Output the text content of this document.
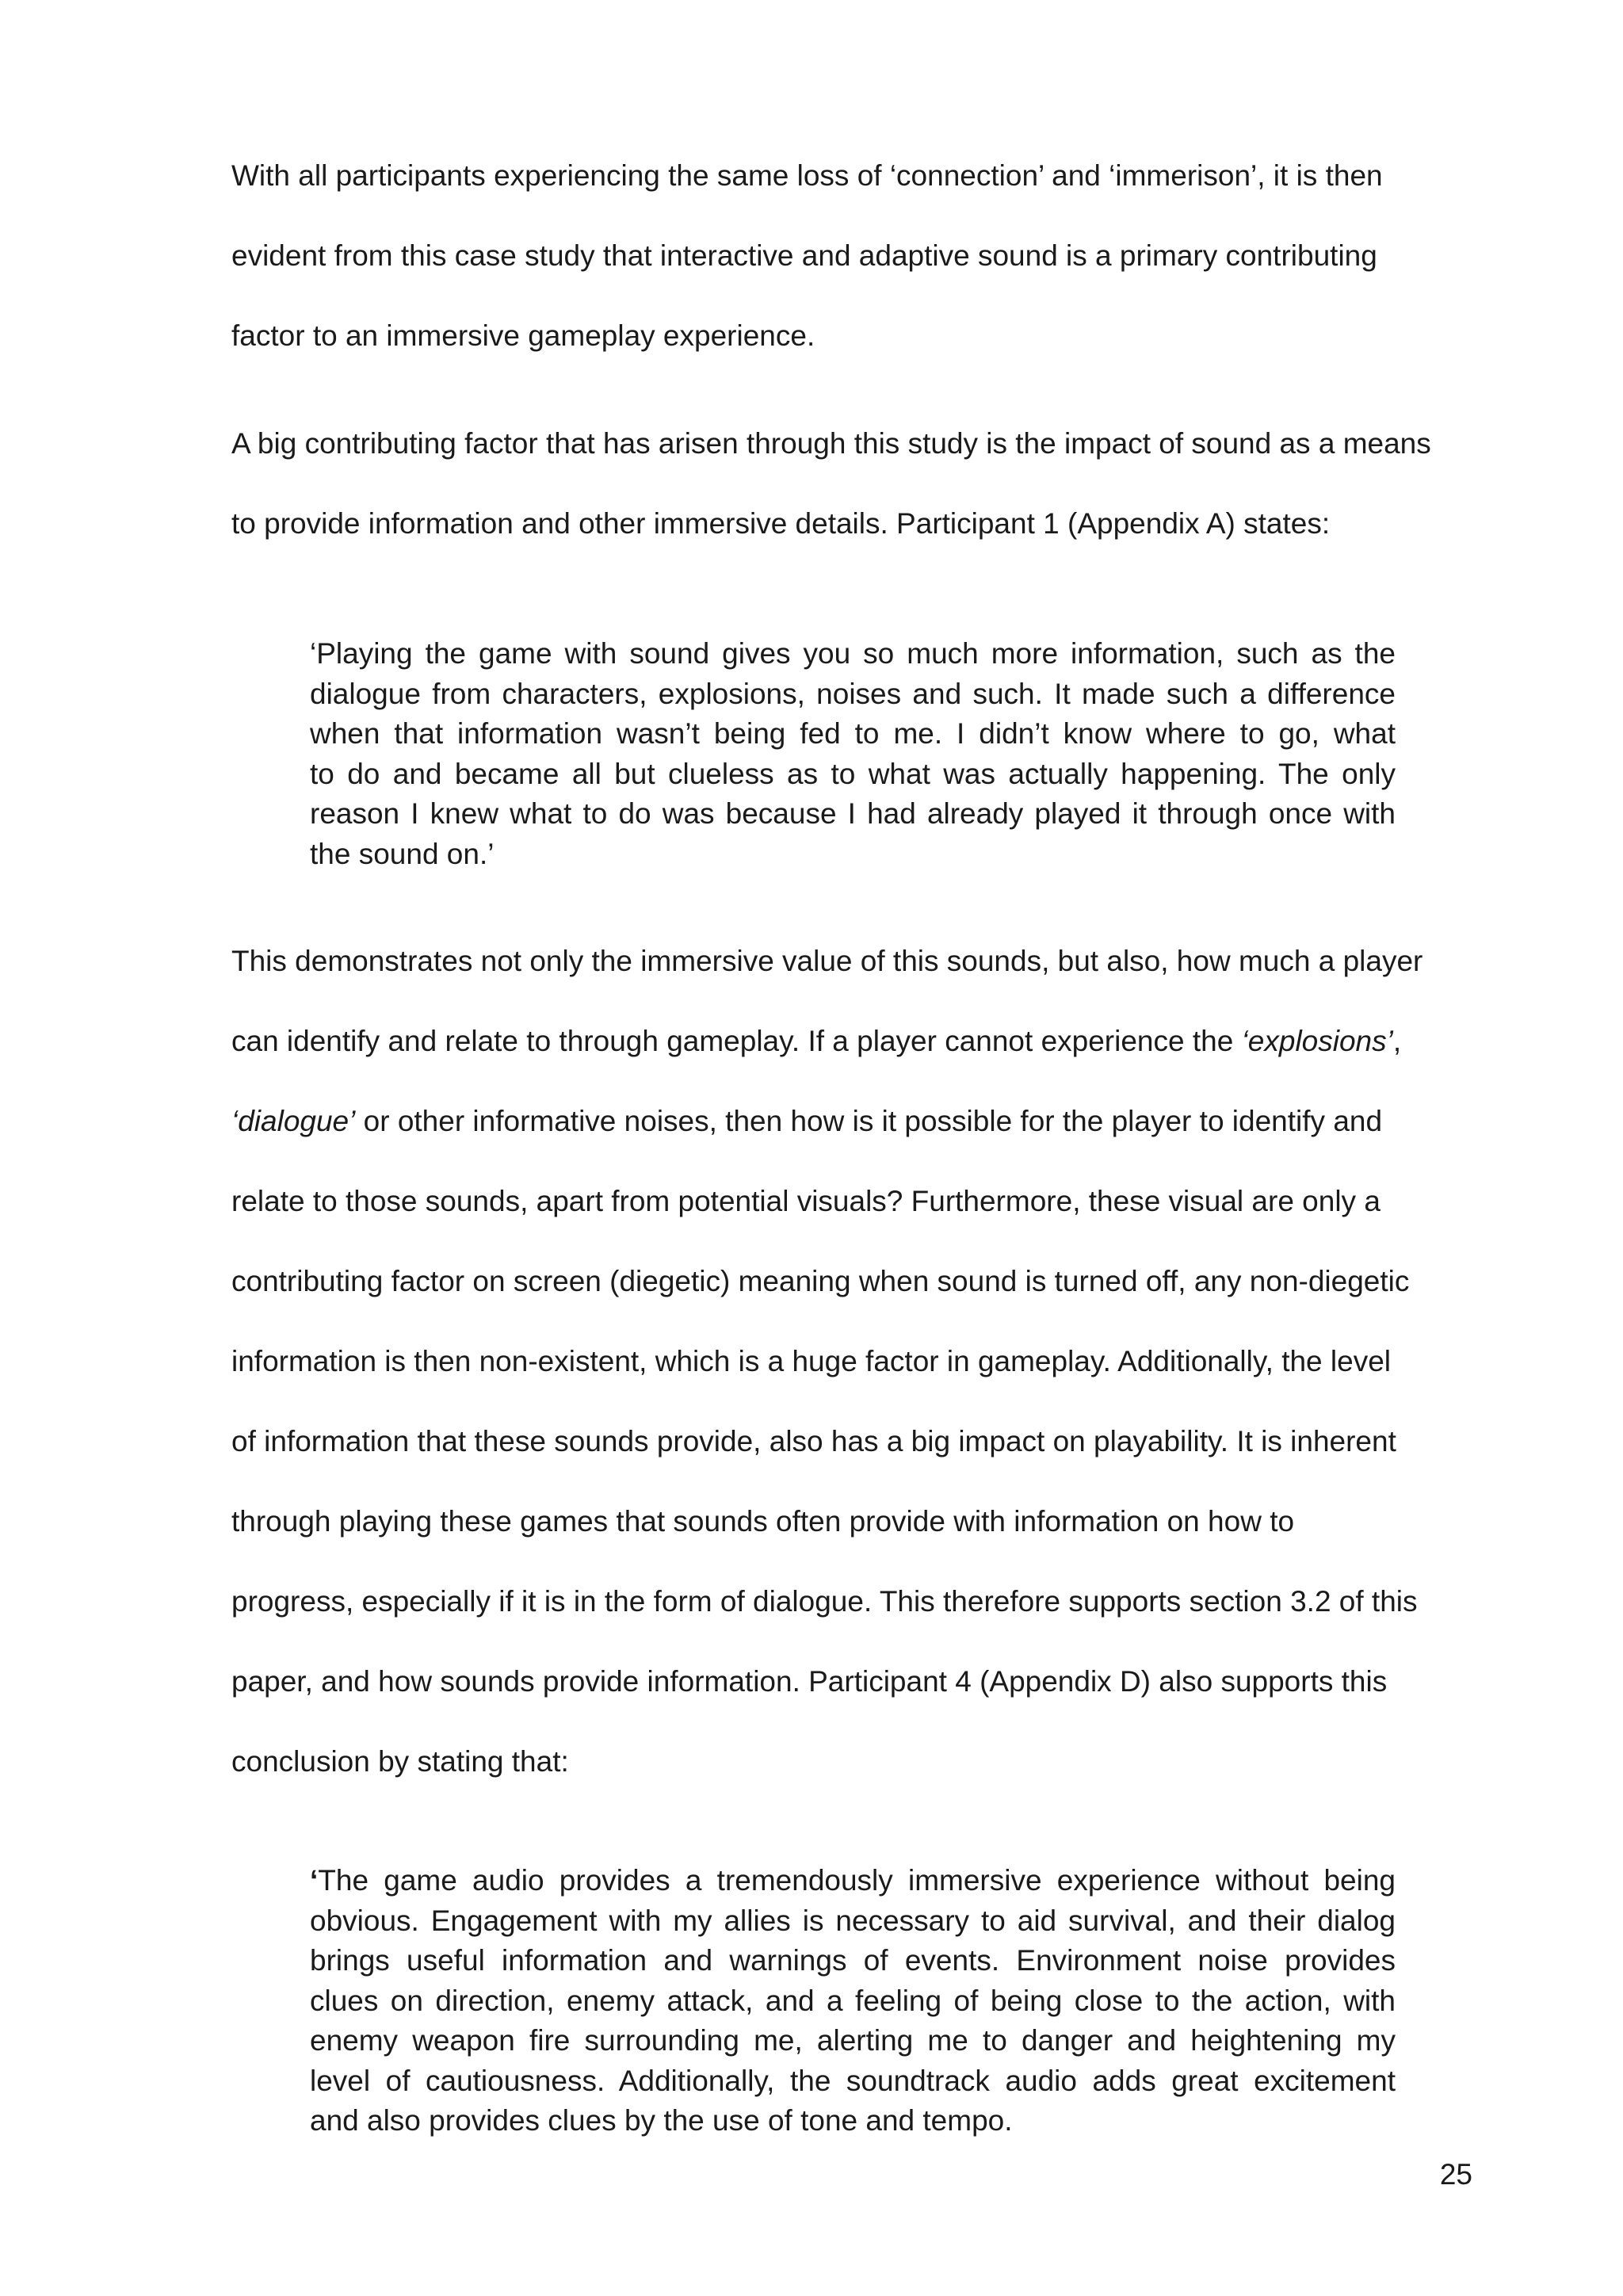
With all participants experiencing the same loss of ‘connection’ and ‘immerison’, it is then
evident from this case study that interactive and adaptive sound is a primary contributing
factor to an immersive gameplay experience.
A big contributing factor that has arisen through this study is the impact of sound as a means
to provide information and other immersive details. Participant 1 (Appendix A) states:
‘Playing the game with sound gives you so much more information, such as the
dialogue from characters, explosions, noises and such. It made such a difference
when that information wasn’t being fed to me. I didn’t know where to go, what
to do and became all but clueless as to what was actually happening. The only
reason I knew what to do was because I had already played it through once with
the sound on.’
This demonstrates not only the immersive value of this sounds, but also, how much a player
can identify and relate to through gameplay. If a player cannot experience the ‘explosions’,
‘dialogue’ or other informative noises, then how is it possible for the player to identify and
relate to those sounds, apart from potential visuals? Furthermore, these visual are only a
contributing factor on screen (diegetic) meaning when sound is turned off, any non-diegetic
information is then non-existent, which is a huge factor in gameplay. Additionally, the level
of information that these sounds provide, also has a big impact on playability. It is inherent
through playing these games that sounds often provide with information on how to
progress, especially if it is in the form of dialogue. This therefore supports section 3.2 of this
paper, and how sounds provide information. Participant 4 (Appendix D) also supports this
conclusion by stating that:
‘The game audio provides a tremendously immersive experience without being
obvious. Engagement with my allies is necessary to aid survival, and their dialog
brings useful information and warnings of events. Environment noise provides
clues on direction, enemy attack, and a feeling of being close to the action, with
enemy weapon fire surrounding me, alerting me to danger and heightening my
level of cautiousness. Additionally, the soundtrack audio adds great excitement
and also provides clues by the use of tone and tempo.
25
